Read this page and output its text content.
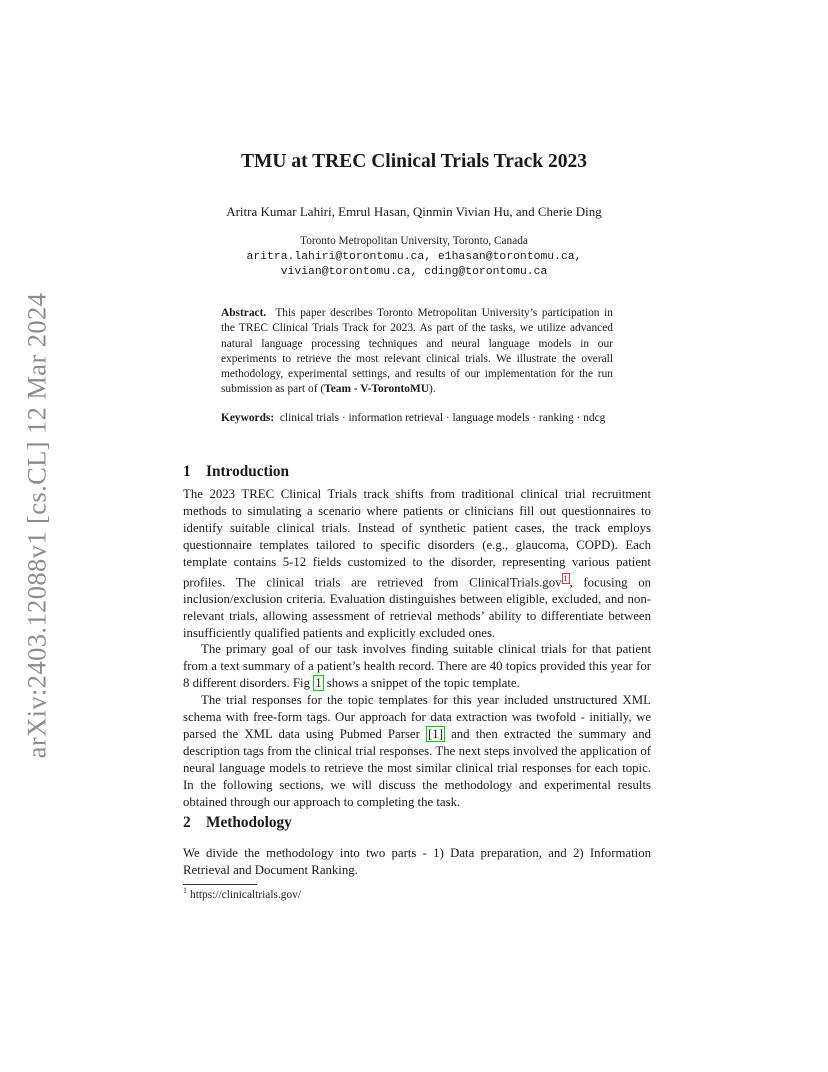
arXiv:2403.12088v1 [cs.CL] 12 Mar 2024
TMU at TREC Clinical Trials Track 2023
Aritra Kumar Lahiri, Emrul Hasan, Qinmin Vivian Hu, and Cherie Ding
Toronto Metropolitan University, Toronto, Canada
aritra.lahiri@torontomu.ca, e1hasan@torontomu.ca,
vivian@torontomu.ca, cding@torontomu.ca
Abstract. This paper describes Toronto Metropolitan University’s participation in the TREC Clinical Trials Track for 2023. As part of the tasks, we utilize advanced natural language processing techniques and neural language models in our experiments to retrieve the most relevant clinical trials. We illustrate the overall methodology, experimental settings, and results of our implementation for the run submission as part of (Team - V-TorontoMU).
Keywords: clinical trials · information retrieval · language models · ranking · ndcg
1 Introduction

The 2023 TREC Clinical Trials track shifts from traditional clinical trial recruitment methods to simulating a scenario where patients or clinicians fill out questionnaires to identify suitable clinical trials. Instead of synthetic patient cases, the track employs questionnaire templates tailored to specific disorders (e.g., glaucoma, COPD). Each template contains 5-12 fields customized to the disorder, representing various patient profiles. The clinical trials are retrieved from ClinicalTrials.gov $^1$ , focusing on inclusion/exclusion criteria. Evaluation distinguishes between eligible, excluded, and non-relevant trials, allowing assessment of retrieval methods’ ability to differentiate between insufficiently qualified patients and explicitly excluded ones.

The primary goal of our task involves finding suitable clinical trials for that patient from a text summary of a patient’s health record. There are 40 topics provided this year for 8 different disorders. Fig 1 shows a snippet of the topic template.

The trial responses for the topic templates for this year included unstructured XML schema with free-form tags. Our approach for data extraction was twofold - initially, we parsed the XML data using Pubmed Parser [1] and then extracted the summary and description tags from the clinical trial responses. The next steps involved the application of neural language models to retrieve the most similar clinical trial responses for each topic. In the following sections, we will discuss the methodology and experimental results obtained through our approach to completing the task.

2 Methodology

We divide the methodology into two parts - 1) Data preparation, and 2) Information Retrieval and Document Ranking.

$^1$ https://clinicaltrials.gov/
